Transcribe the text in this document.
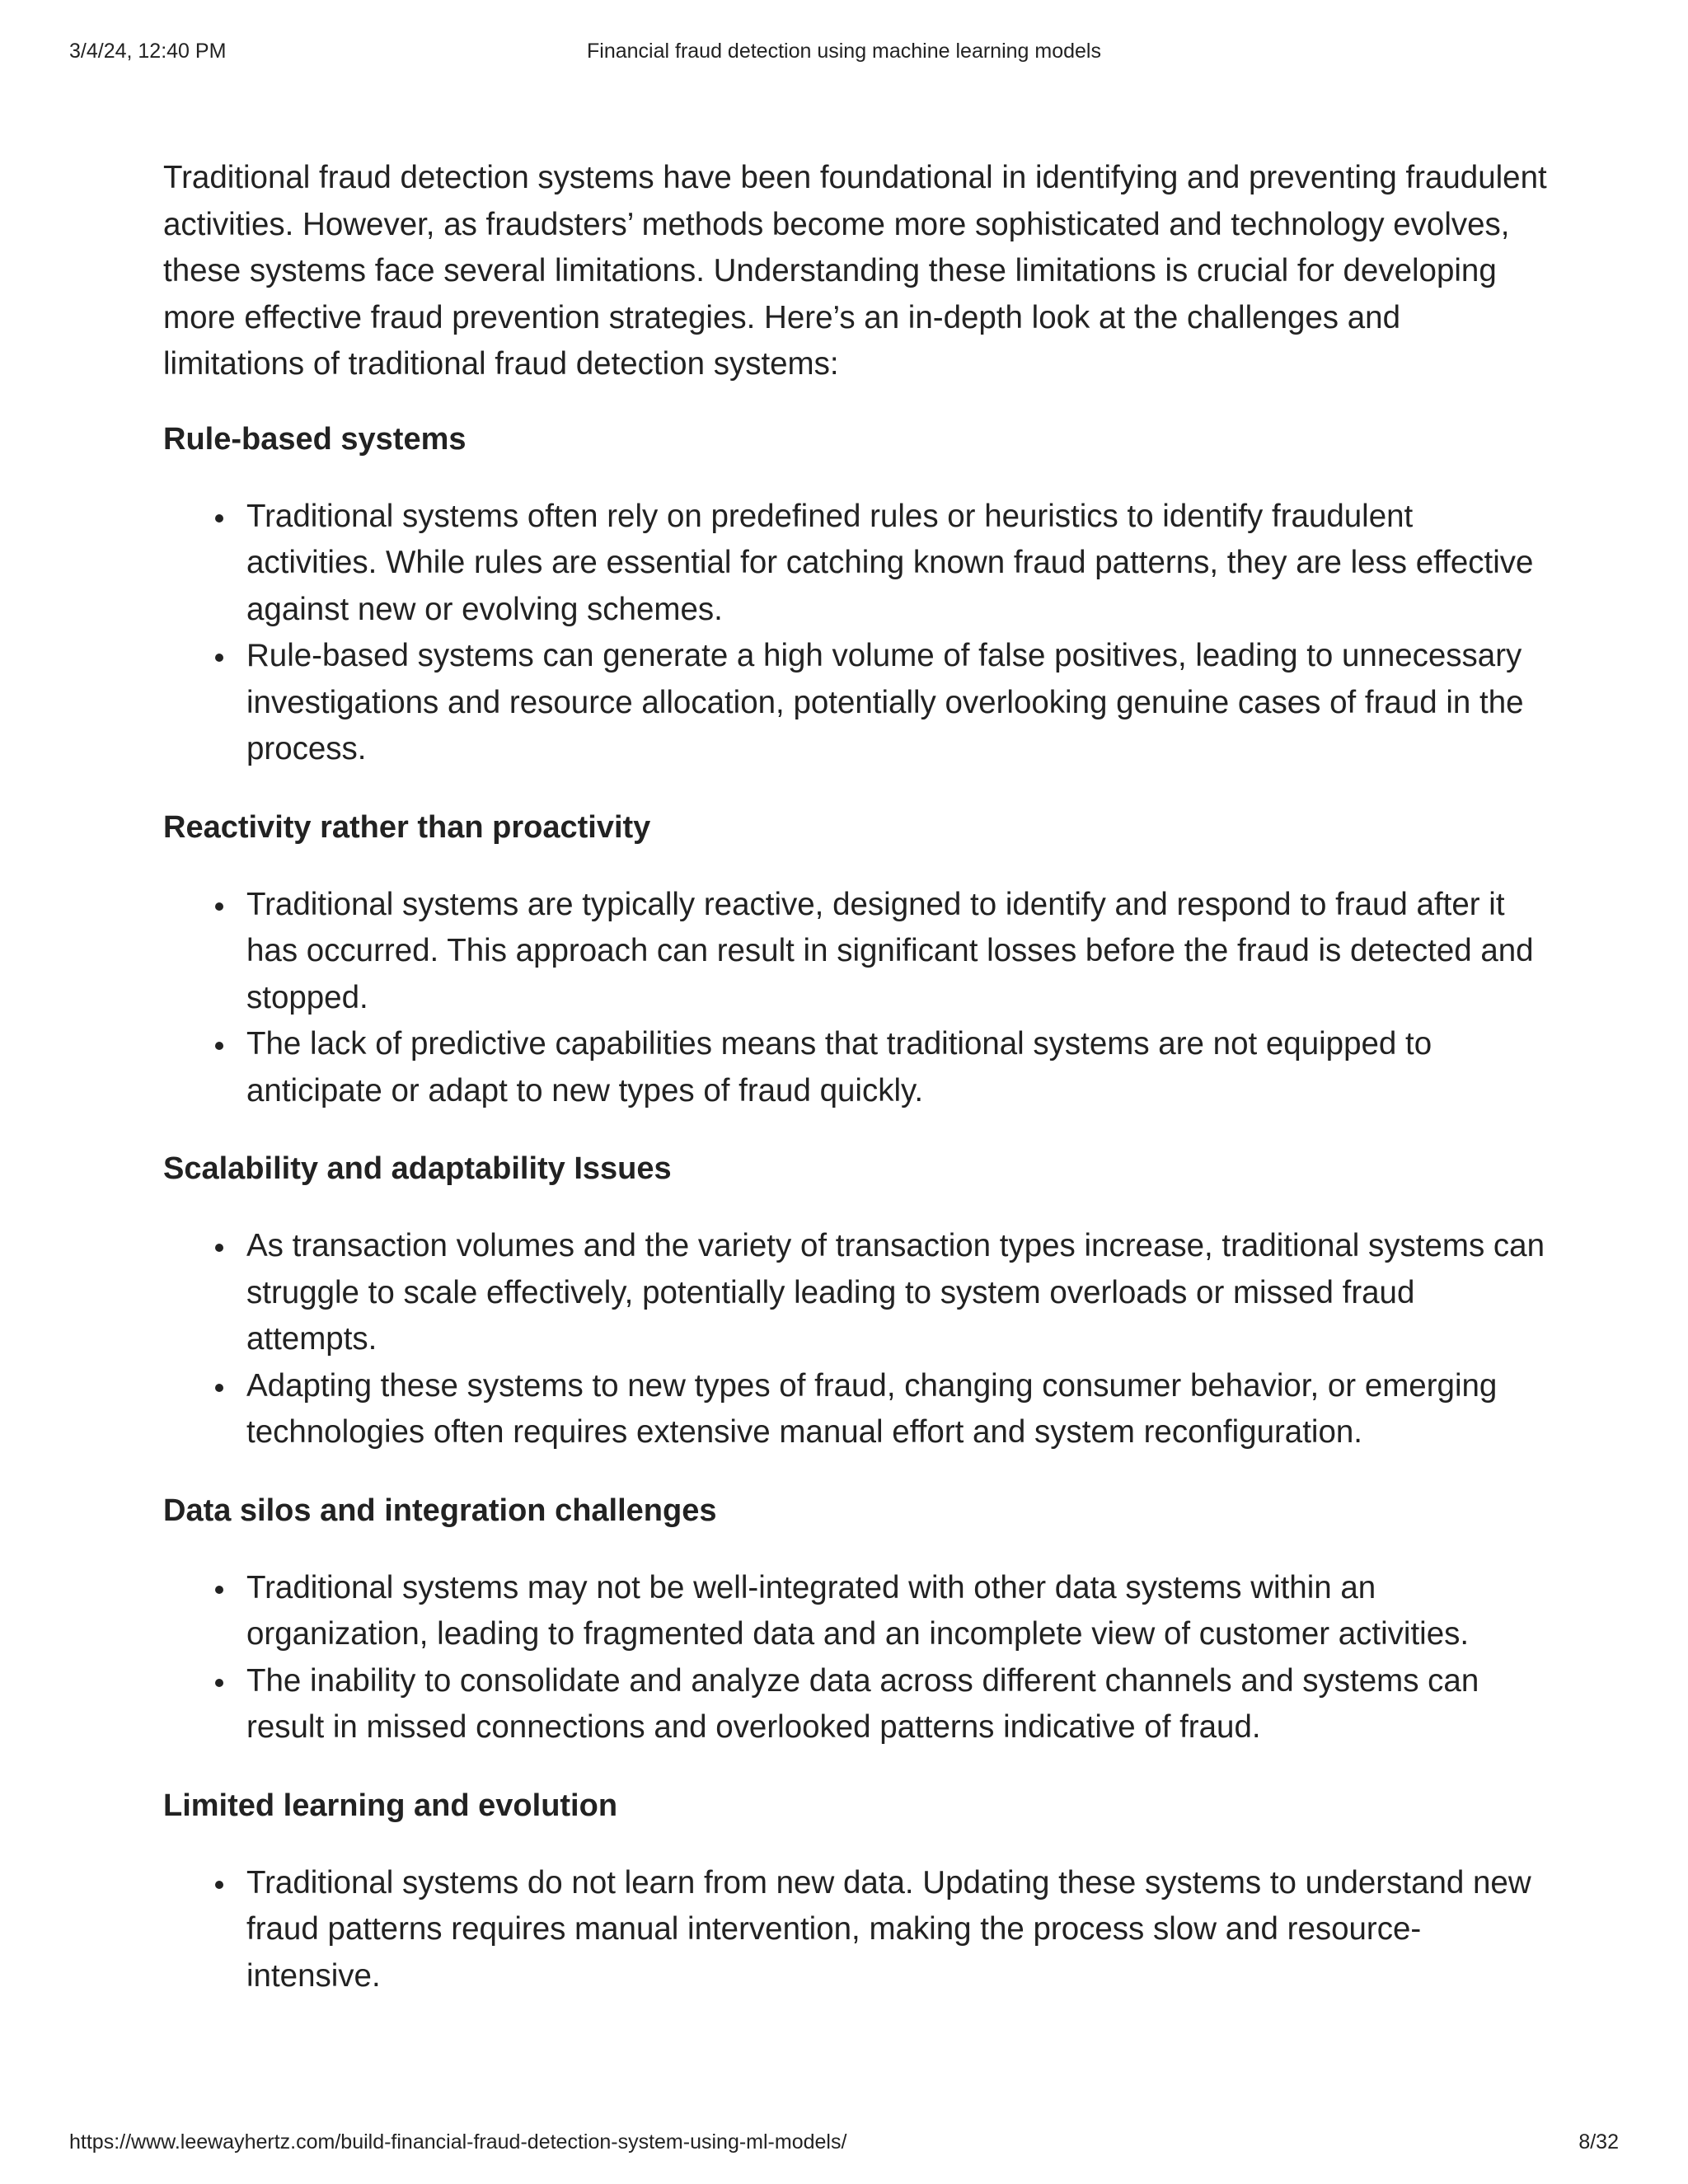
3/4/24, 12:40 PM	Financial fraud detection using machine learning models

Traditional fraud detection systems have been foundational in identifying and preventing fraudulent activities. However, as fraudsters’ methods become more sophisticated and technology evolves, these systems face several limitations. Understanding these limitations is crucial for developing more effective fraud prevention strategies. Here’s an in-depth look at the challenges and limitations of traditional fraud detection systems:

Rule-based systems
Traditional systems often rely on predefined rules or heuristics to identify fraudulent activities. While rules are essential for catching known fraud patterns, they are less effective against new or evolving schemes.
Rule-based systems can generate a high volume of false positives, leading to unnecessary investigations and resource allocation, potentially overlooking genuine cases of fraud in the process.
Reactivity rather than proactivity
Traditional systems are typically reactive, designed to identify and respond to fraud after it has occurred. This approach can result in significant losses before the fraud is detected and stopped.
The lack of predictive capabilities means that traditional systems are not equipped to anticipate or adapt to new types of fraud quickly.
Scalability and adaptability Issues
As transaction volumes and the variety of transaction types increase, traditional systems can struggle to scale effectively, potentially leading to system overloads or missed fraud attempts.
Adapting these systems to new types of fraud, changing consumer behavior, or emerging technologies often requires extensive manual effort and system reconfiguration.
Data silos and integration challenges
Traditional systems may not be well-integrated with other data systems within an organization, leading to fragmented data and an incomplete view of customer activities.
The inability to consolidate and analyze data across different channels and systems can result in missed connections and overlooked patterns indicative of fraud.
Limited learning and evolution
Traditional systems do not learn from new data. Updating these systems to understand new fraud patterns requires manual intervention, making the process slow and resource-intensive.
https://www.leewayhertz.com/build-financial-fraud-detection-system-using-ml-models/	8/32
